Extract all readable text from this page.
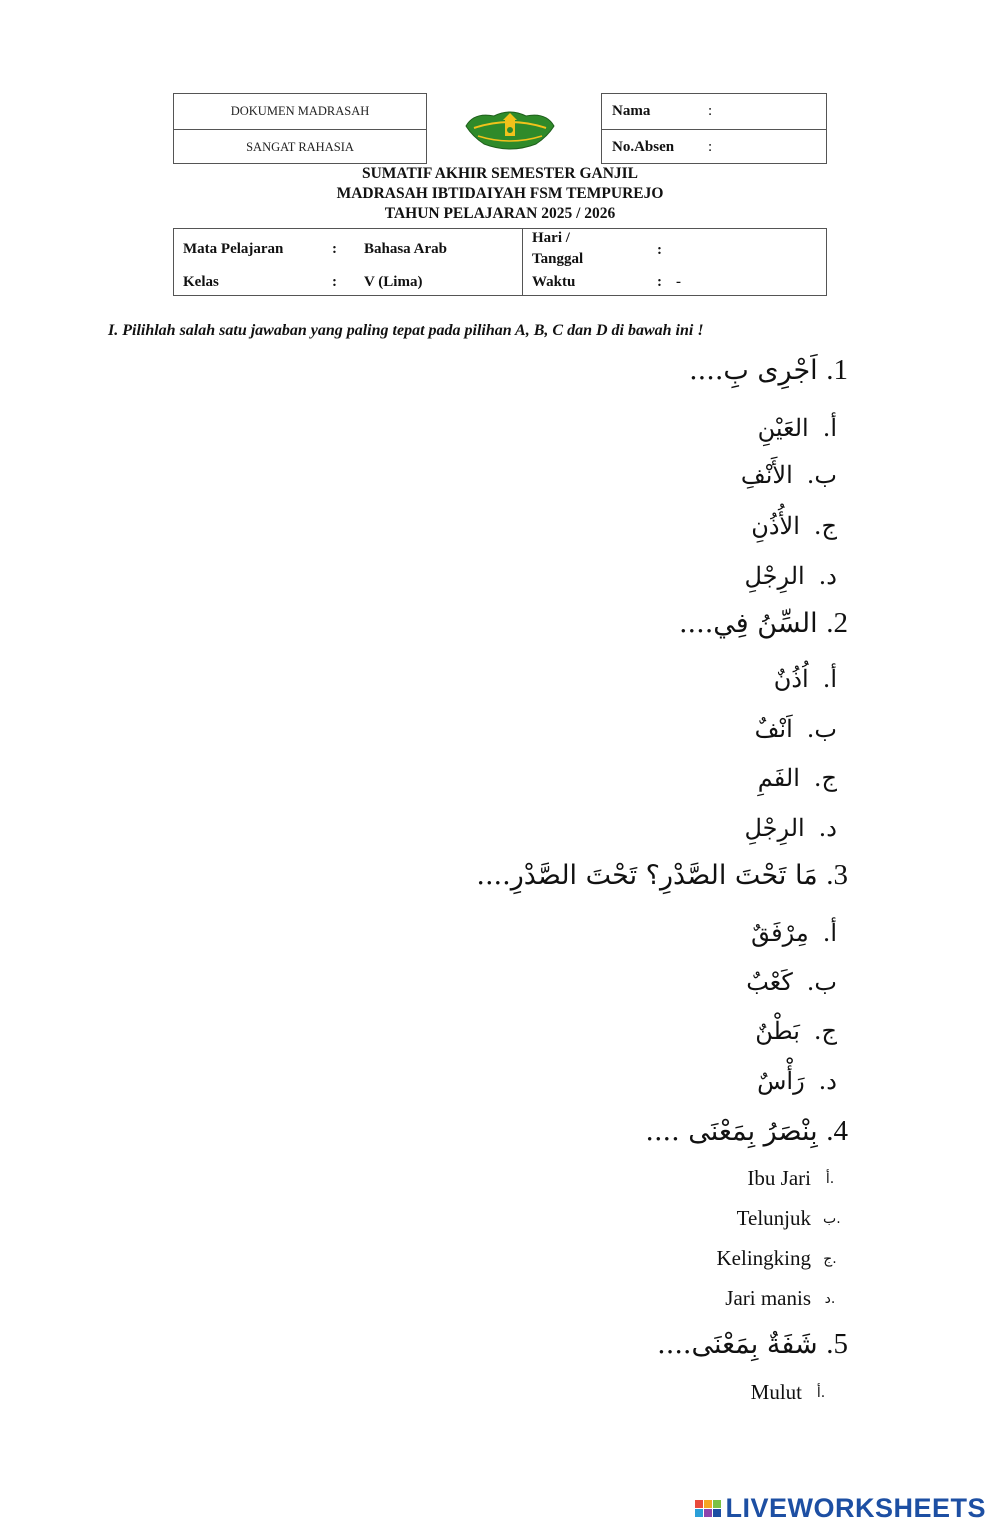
DOKUMEN MADRASAH
SANGAT RAHASIA
Nama	:
No.Absen	:
SUMATIF AKHIR SEMESTER GANJIL
MADRASAH IBTIDAIYAH FSM TEMPUREJO
TAHUN PELAJARAN 2025 / 2026
Mata Pelajaran	: Bahasa Arab
Kelas	: V (Lima)
Hari /
Tanggal
:
Waktu	: -
I. Pilihlah salah satu jawaban yang paling tepat pada pilihan A, B, C dan D di bawah ini !
1. اَجْرِى بِ....
أ.العَيْنِ
ب.الأَنْفِ
ج.الأُذُنِ
د.الرِجْلِ
2. السِّنُ فِي....
أ.اُذُنٌ
ب.اَنْفٌ
ج.الفَمِ
د.الرِجْلِ
3. مَا تَحْتَ الصَّدْرِ؟ تَحْتَ الصَّدْرِ....
أ.مِرْفَقٌ
ب.كَعْبٌ
ج.بَطْنٌ
د.رَأْسٌ
4. بِنْصَرُ بِمَعْنَى ....
Ibu Jari أ.
Telunjuk ب.
Kelingking ج.
Jari manis د.
5. شَفَةٌ بِمَعْنَى....
Mulut أ.
LIVEWORKSHEETS
